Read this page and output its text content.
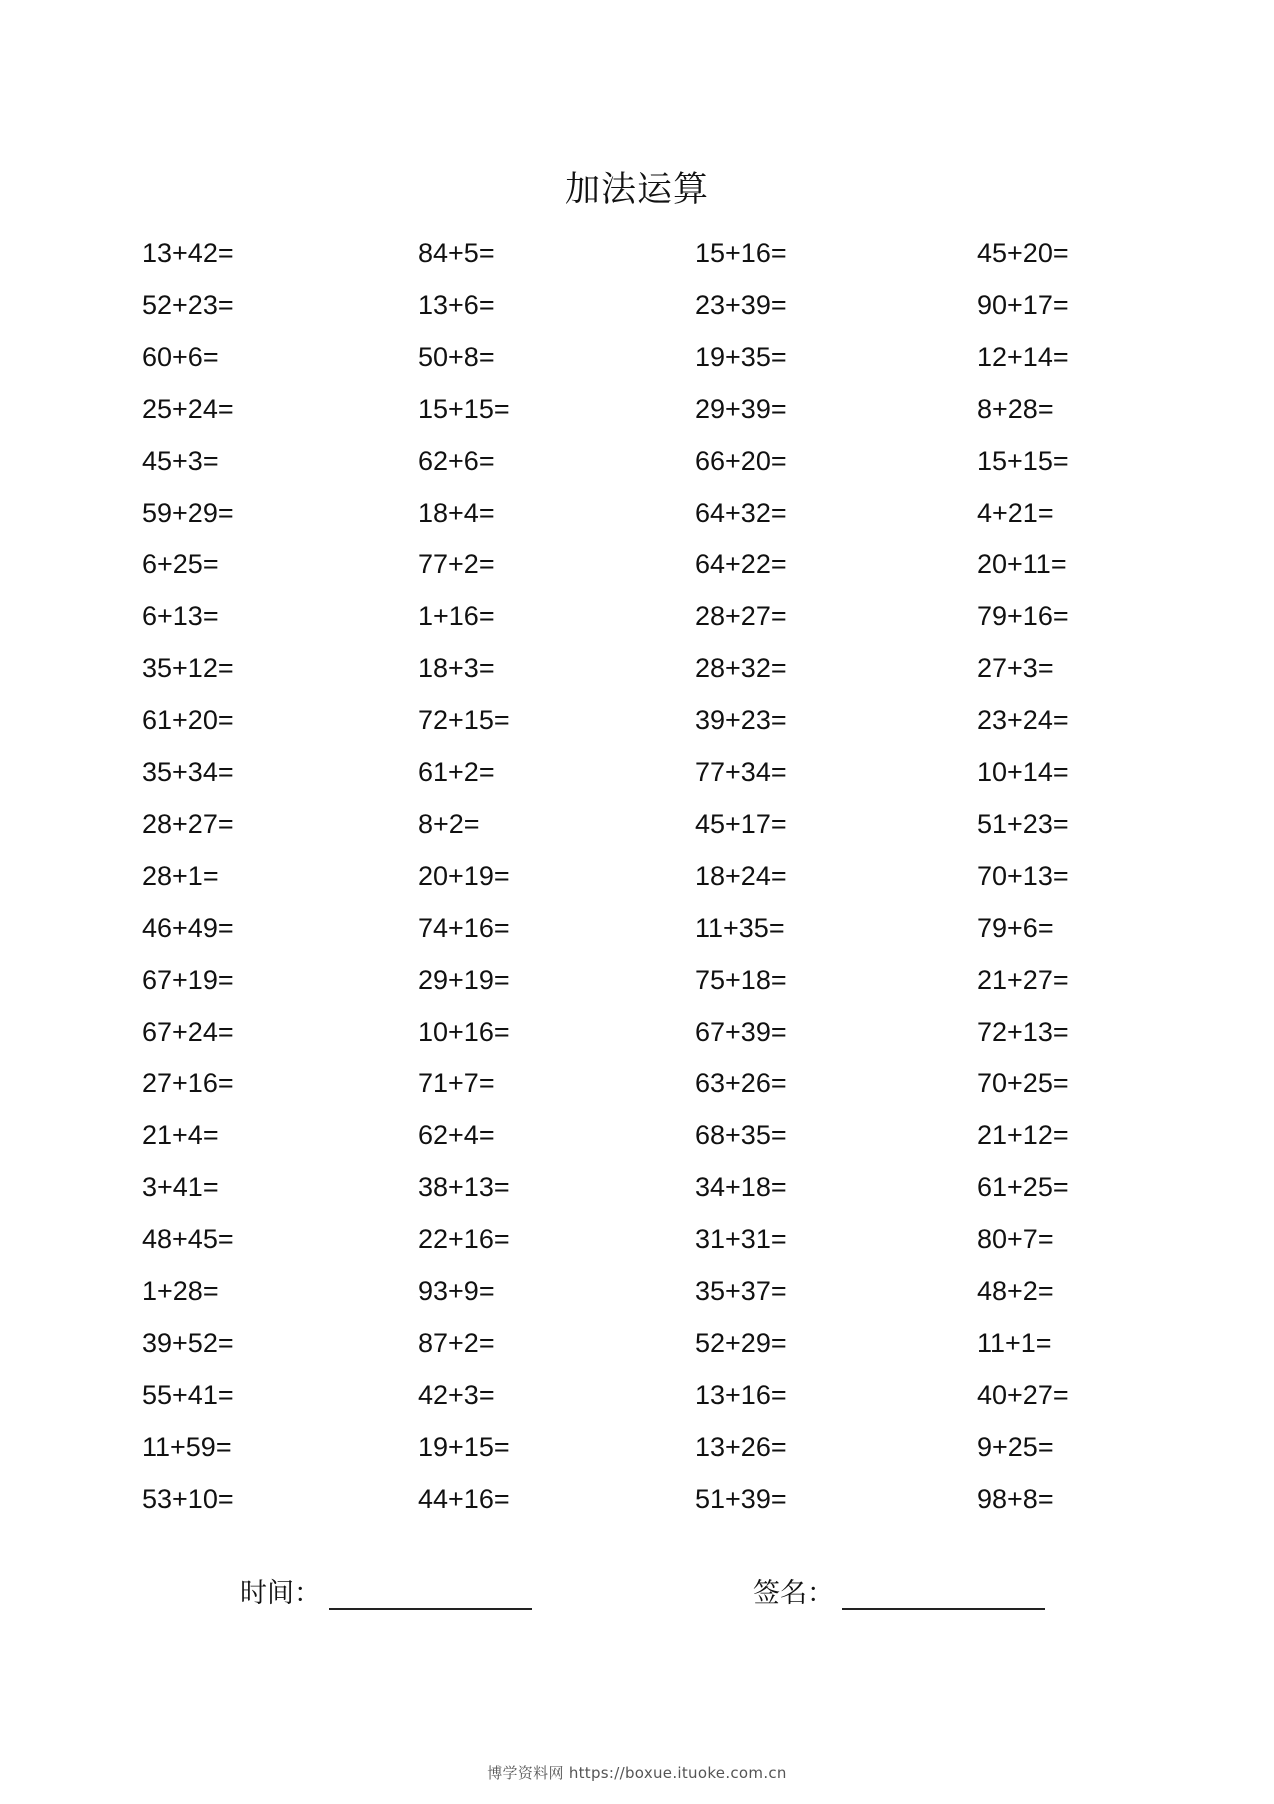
加法运算
13+42=
52+23=
60+6=
25+24=
45+3=
59+29=
6+25=
6+13=
35+12=
61+20=
35+34=
28+27=
28+1=
46+49=
67+19=
67+24=
27+16=
21+4=
3+41=
48+45=
1+28=
39+52=
55+41=
11+59=
53+10=
84+5=
13+6=
50+8=
15+15=
62+6=
18+4=
77+2=
1+16=
18+3=
72+15=
61+2=
8+2=
20+19=
74+16=
29+19=
10+16=
71+7=
62+4=
38+13=
22+16=
93+9=
87+2=
42+3=
19+15=
44+16=
15+16=
23+39=
19+35=
29+39=
66+20=
64+32=
64+22=
28+27=
28+32=
39+23=
77+34=
45+17=
18+24=
11+35=
75+18=
67+39=
63+26=
68+35=
34+18=
31+31=
35+37=
52+29=
13+16=
13+26=
51+39=
45+20=
90+17=
12+14=
8+28=
15+15=
4+21=
20+11=
79+16=
27+3=
23+24=
10+14=
51+23=
70+13=
79+6=
21+27=
72+13=
70+25=
21+12=
61+25=
80+7=
48+2=
11+1=
40+27=
9+25=
98+8=
时间：	签名：
博学资料网 https://boxue.ituoke.com.cn
